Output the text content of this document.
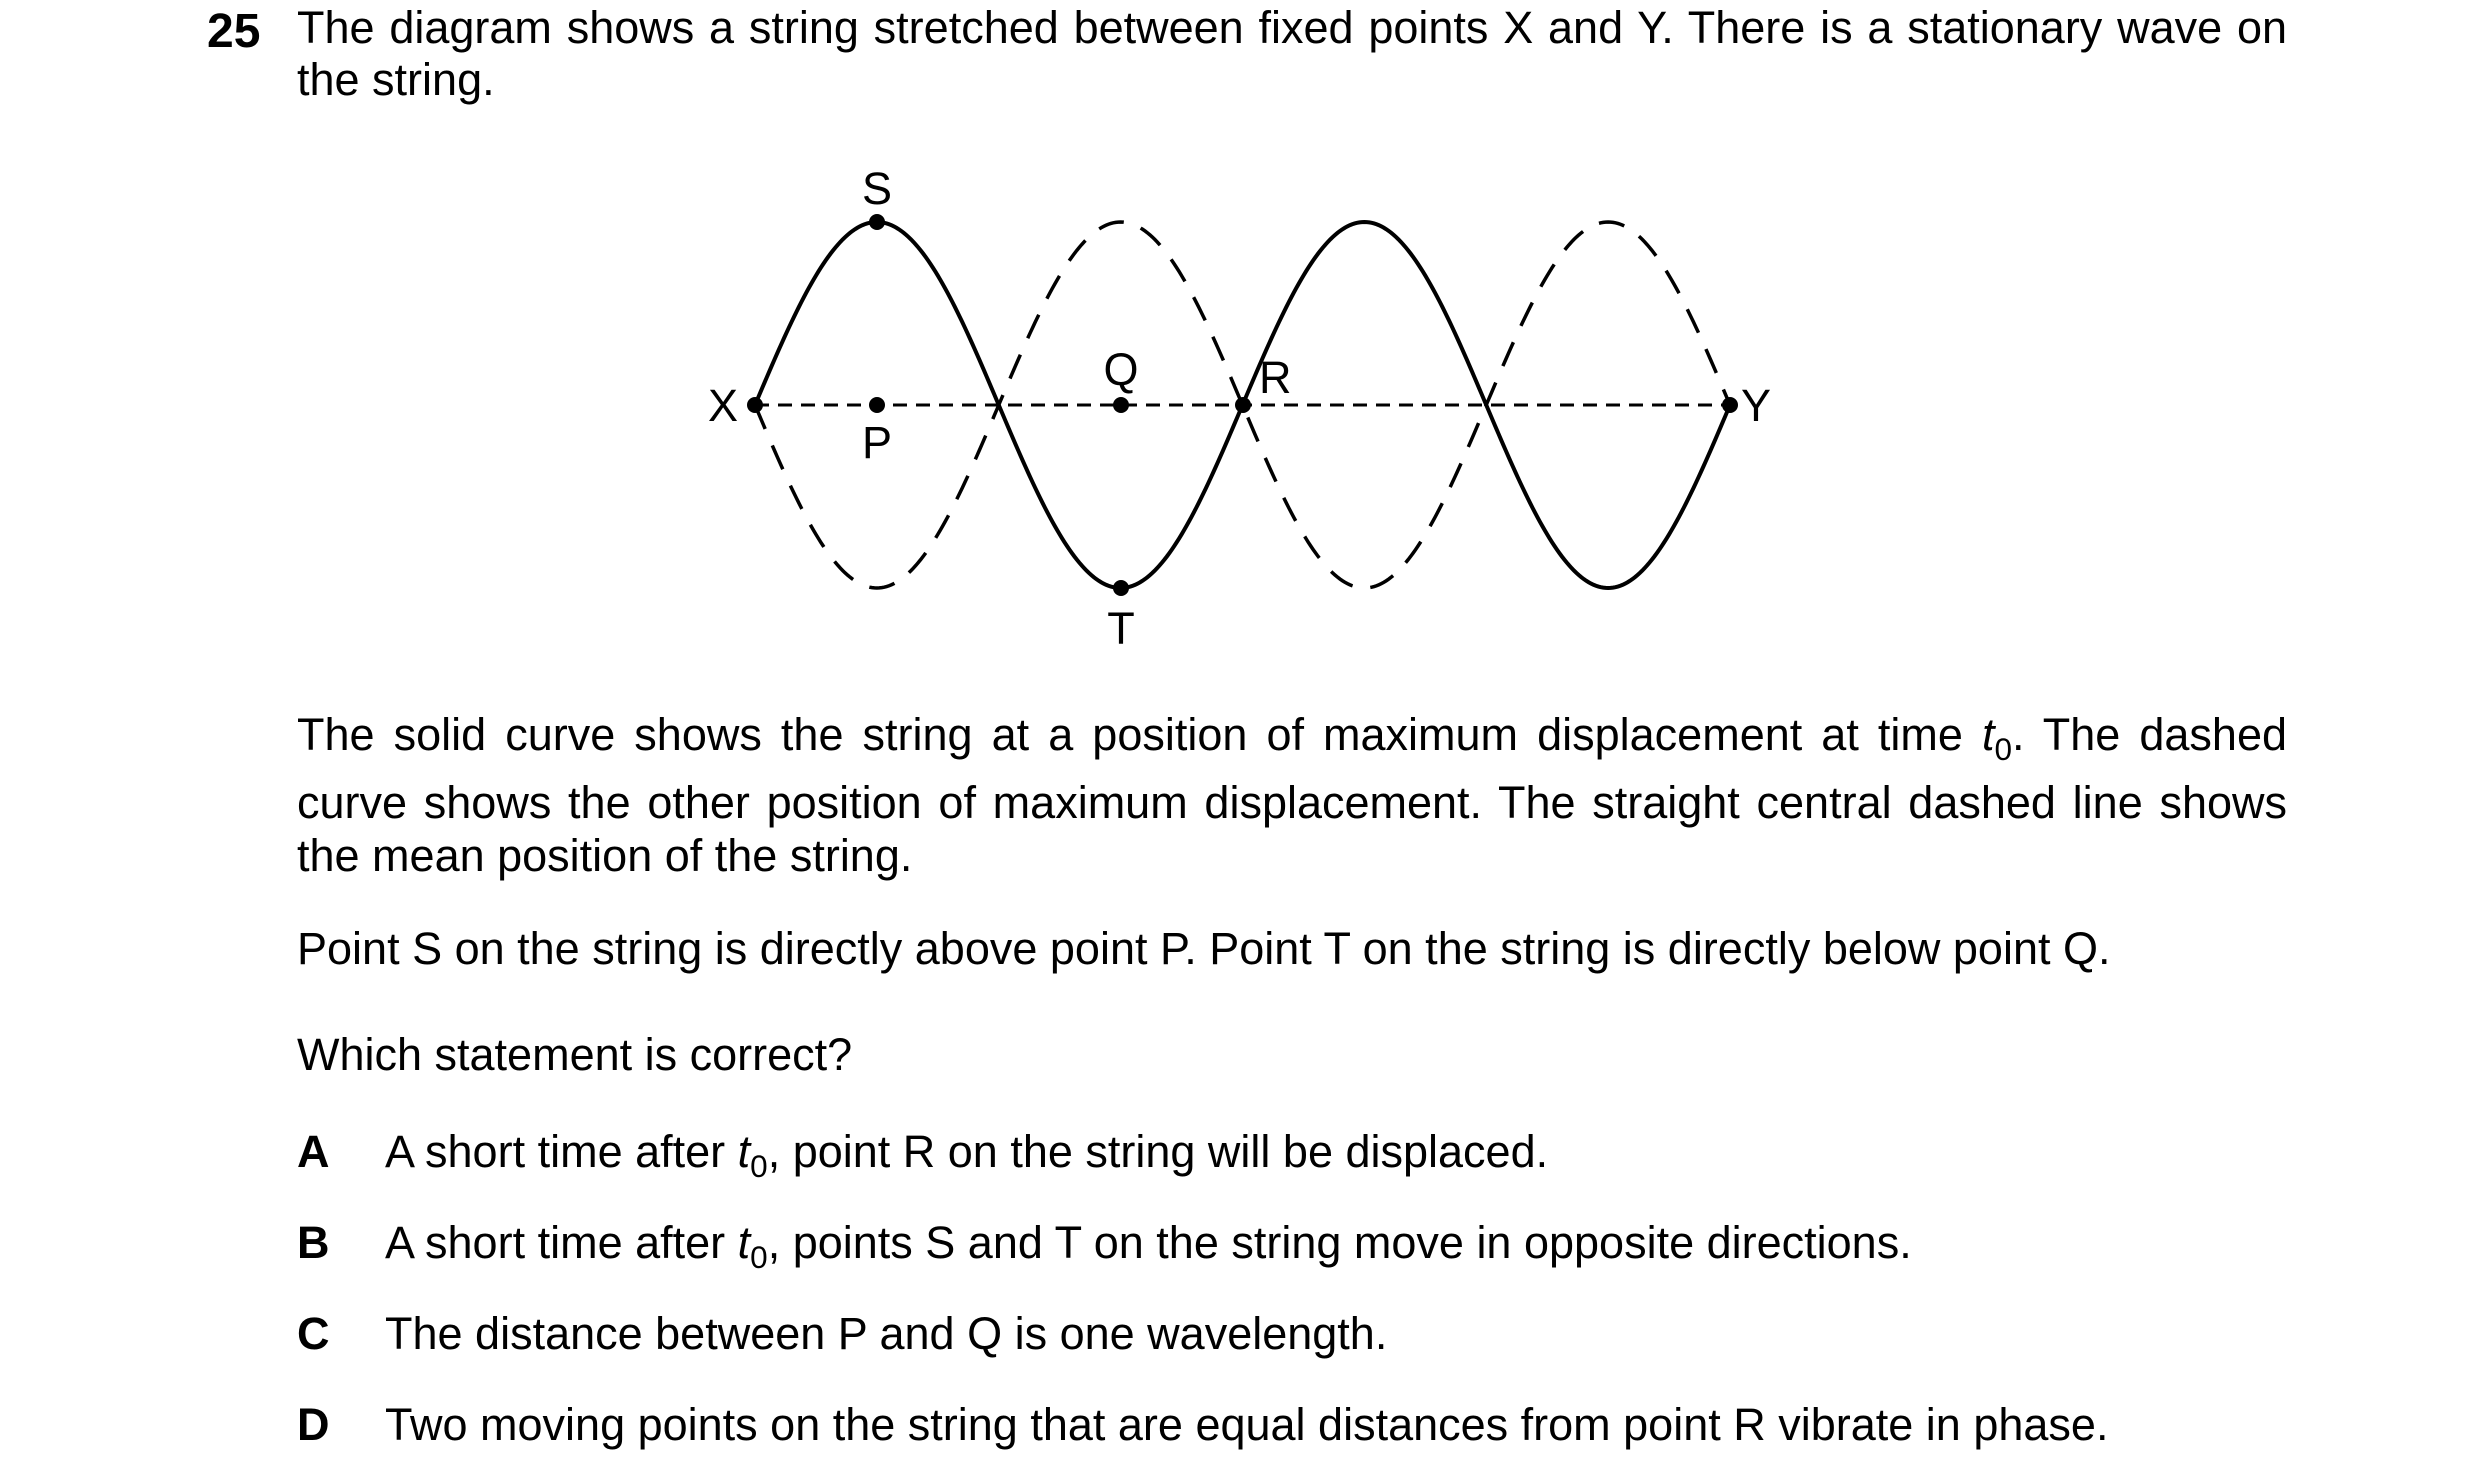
25 The diagram shows a string stretched between fixed points X and Y. There is a stationary wave on the string.
X	Y
S
P
Q	R
T
The solid curve shows the string at a position of maximum displacement at time $t_0$. The dashed curve shows the other position of maximum displacement. The straight central dashed line shows the mean position of the string.
Point S on the string is directly above point P. Point T on the string is directly below point Q.
Which statement is correct?
A A short time after $t_0$, point R on the string will be displaced.
B A short time after $t_0$, points S and T on the string move in opposite directions.
C The distance between P and Q is one wavelength.
D Two moving points on the string that are equal distances from point R vibrate in phase.
